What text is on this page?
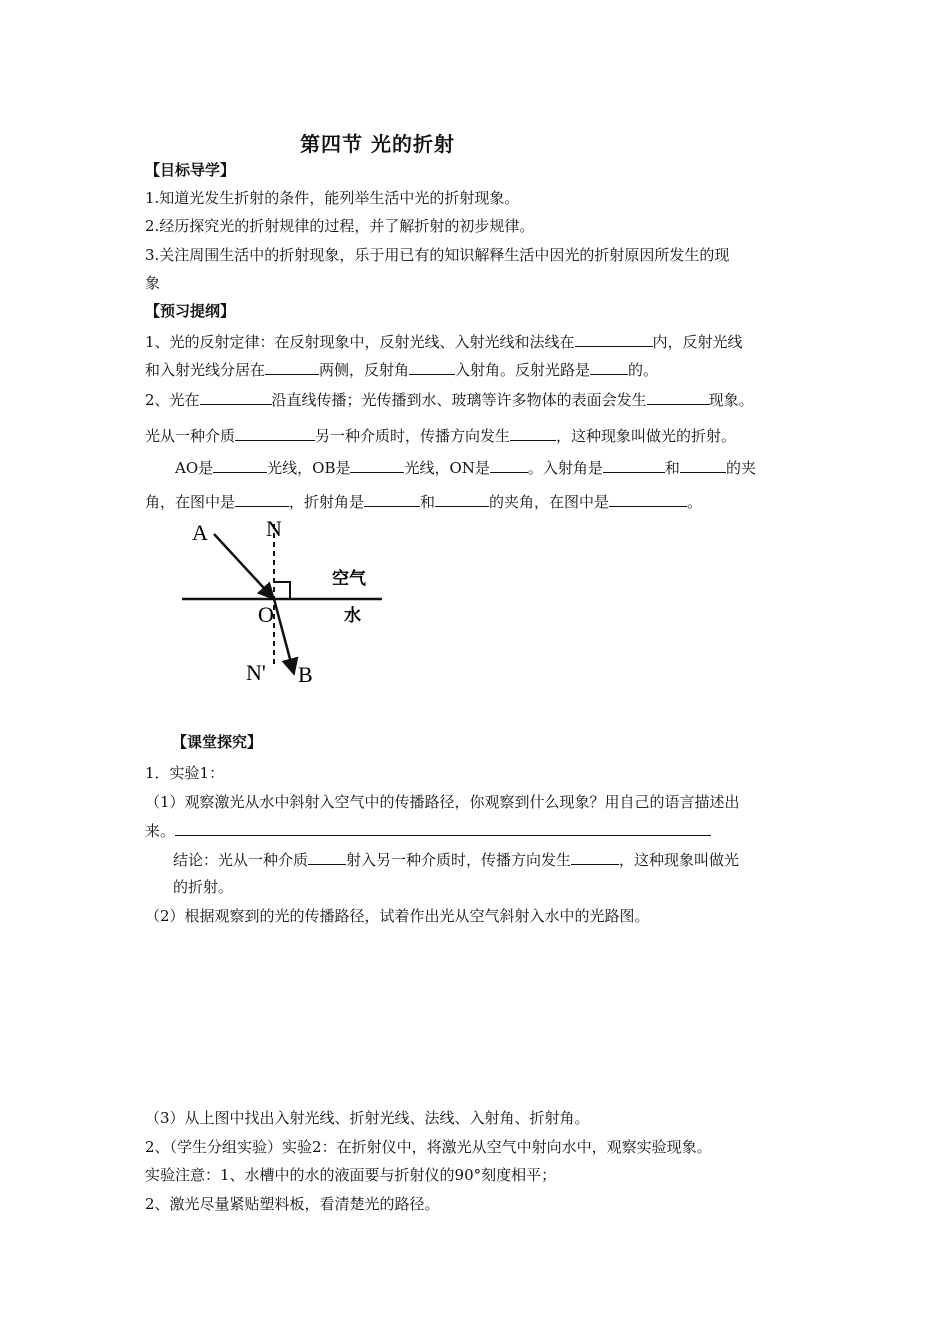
第四节 光的折射
【目标导学】
1.知道光发生折射的条件，能列举生活中光的折射现象。
2.经历探究光的折射规律的过程，并了解折射的初步规律。
3.关注周围生活中的折射现象，乐于用已有的知识解释生活中因光的折射原因所发生的现
象
【预习提纲】
1、光的反射定律：在反射现象中，反射光线、入射光线和法线在	内，反射光线
和入射光线分居在	两侧，反射角	入射角。反射光路是	的。
2、光在	沿直线传播；光传播到水、玻璃等许多物体的表面会发生	现象。
光从一种介质	另一种介质时，传播方向发生	，这种现象叫做光的折射。
AO是	光线，OB是	光线，ON是	。入射角是	和	的夹
角，在图中是	，折射角是	和	的夹角，在图中是	。
A	N
O
N' B
空气
水
【课堂探究】
1．实验1：
（1）观察激光从水中斜射入空气中的传播路径，你观察到什么现象？用自己的语言描述出
来。
结论：光从一种介质	射入另一种介质时，传播方向发生	，这种现象叫做光
的折射。
（2）根据观察到的光的传播路径，试着作出光从空气斜射入水中的光路图。
（3）从上图中找出入射光线、折射光线、法线、入射角、折射角。
2、（学生分组实验）实验2：在折射仪中，将激光从空气中射向水中，观察实验现象。
实验注意：1、水槽中的水的液面要与折射仪的90°刻度相平；
2、激光尽量紧贴塑料板，看清楚光的路径。
